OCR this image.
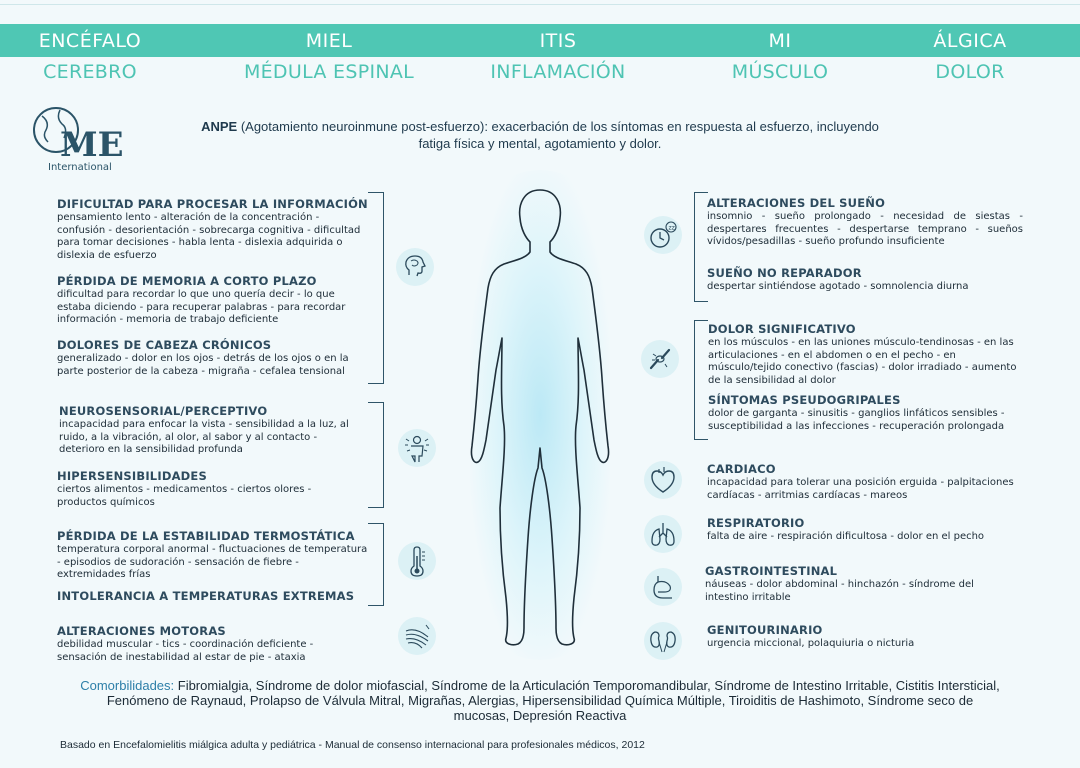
ENCÉFALO
CEREBRO
MIEL
MÉDULA ESPINAL
ITIS
INFLAMACIÓN
MI
MÚSCULO
ÁLGICA
DOLOR
ME
International
ANPE (Agotamiento neuroinmune post-esfuerzo): exacerbación de los síntomas en respuesta al esfuerzo, incluyendo fatiga física y mental, agotamiento y dolor.
DIFICULTAD PARA PROCESAR LA INFORMACIÓN

pensamiento lento - alteración de la concentración - confusión - desorientación - sobrecarga cognitiva - dificultad para tomar decisiones - habla lenta - dislexia adquirida o dislexia de esfuerzo

PÉRDIDA DE MEMORIA A CORTO PLAZO

dificultad para recordar lo que uno quería decir - lo que estaba diciendo - para recuperar palabras - para recordar información - memoria de trabajo deficiente

DOLORES DE CABEZA CRÓNICOS

generalizado - dolor en los ojos - detrás de los ojos o en la parte posterior de la cabeza - migraña - cefalea tensional

NEUROSENSORIAL/PERCEPTIVO

incapacidad para enfocar la vista - sensibilidad a la luz, al ruido, a la vibración, al olor, al sabor y al contacto - deterioro en la sensibilidad profunda

HIPERSENSIBILIDADES

ciertos alimentos - medicamentos - ciertos olores - productos químicos

PÉRDIDA DE LA ESTABILIDAD TERMOSTÁTICA

temperatura corporal anormal - fluctuaciones de temperatura - episodios de sudoración - sensación de fiebre - extremidades frías

INTOLERANCIA A TEMPERATURAS EXTREMAS
ALTERACIONES MOTORAS

debilidad muscular - tics - coordinación deficiente - sensación de inestabilidad al estar de pie - ataxia

ALTERACIONES DEL SUEÑO

insomnio - sueño prolongado - necesidad de siestas - despertares frecuentes - despertarse temprano - sueños vívidos/pesadillas - sueño profundo insuficiente

SUEÑO NO REPARADOR

despertar sintiéndose agotado - somnolencia diurna

DOLOR SIGNIFICATIVO

en los músculos - en las uniones músculo-tendinosas - en las articulaciones - en el abdomen o en el pecho - en músculo/tejido conectivo (fascias) - dolor irradiado - aumento de la sensibilidad al dolor

SÍNTOMAS PSEUDOGRIPALES

dolor de garganta - sinusitis - ganglios linfáticos sensibles - susceptibilidad a las infecciones - recuperación prolongada

CARDIACO

incapacidad para tolerar una posición erguida - palpitaciones cardíacas - arritmias cardíacas - mareos

RESPIRATORIO

falta de aire - respiración dificultosa - dolor en el pecho

GASTROINTESTINAL

náuseas - dolor abdominal - hinchazón - síndrome del intestino irritable

GENITOURINARIO

urgencia miccional, polaquiuria o nicturia

zz
Comorbilidades: Fibromialgia, Síndrome de dolor miofascial, Síndrome de la Articulación Temporomandibular, Síndrome de Intestino Irritable, Cistitis Intersticial, Fenómeno de Raynaud, Prolapso de Válvula Mitral, Migrañas, Alergias, Hipersensibilidad Química Múltiple, Tiroiditis de Hashimoto, Síndrome seco de mucosas, Depresión Reactiva
Basado en Encefalomielitis miálgica adulta y pediátrica - Manual de consenso internacional para profesionales médicos, 2012
